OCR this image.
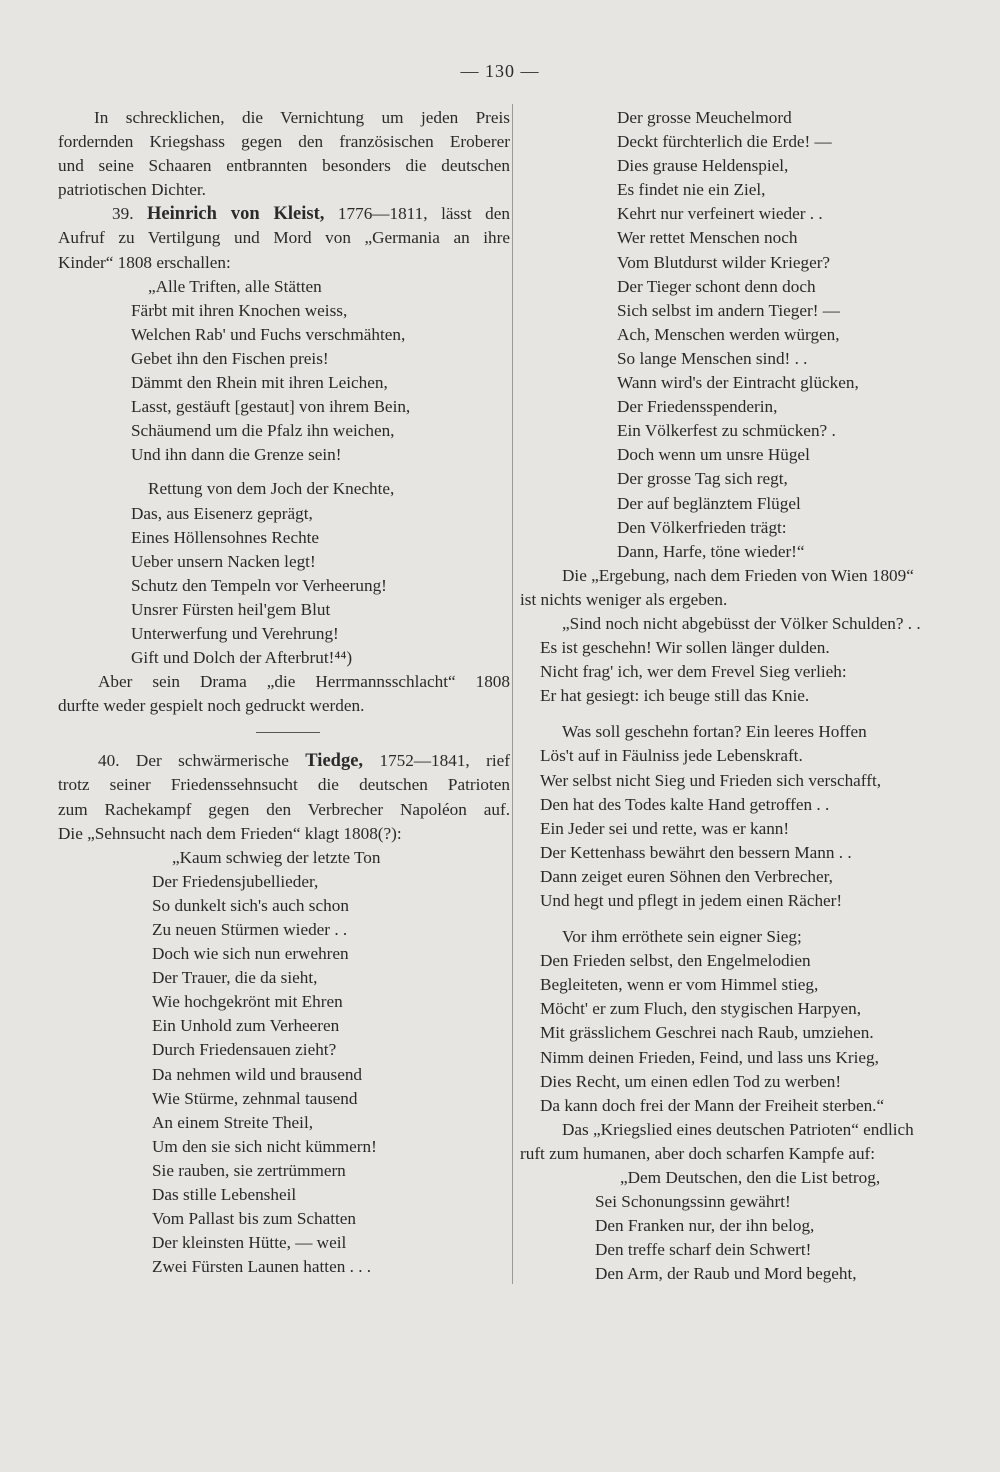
— 130 —
In schrecklichen, die Vernichtung um jeden Preis
fordernden Kriegshass gegen den französischen Eroberer
und seine Schaaren entbrannten besonders die deutschen
patriotischen Dichter.
39. Heinrich von Kleist, 1776—1811, lässt den
Aufruf zu Vertilgung und Mord von „Germania an ihre
Kinder“ 1808 erschallen:
„Alle Triften, alle Stätten
Färbt mit ihren Knochen weiss,
Welchen Rab' und Fuchs verschmähten,
Gebet ihn den Fischen preis!
Dämmt den Rhein mit ihren Leichen,
Lasst, gestäuft [gestaut] von ihrem Bein,
Schäumend um die Pfalz ihn weichen,
Und ihn dann die Grenze sein!
Rettung von dem Joch der Knechte,
Das, aus Eisenerz geprägt,
Eines Höllensohnes Rechte
Ueber unsern Nacken legt!
Schutz den Tempeln vor Verheerung!
Unsrer Fürsten heil'gem Blut
Unterwerfung und Verehrung!
Gift und Dolch der Afterbrut!⁴⁴)
Aber sein Drama „die Herrmannsschlacht“ 1808
durfte weder gespielt noch gedruckt werden.
40. Der schwärmerische Tiedge, 1752—1841, rief
trotz seiner Friedenssehnsucht die deutschen Patrioten
zum Rachekampf gegen den Verbrecher Napoléon auf.
Die „Sehnsucht nach dem Frieden“ klagt 1808(?):
„Kaum schwieg der letzte Ton
Der Friedensjubellieder,
So dunkelt sich's auch schon
Zu neuen Stürmen wieder . .
Doch wie sich nun erwehren
Der Trauer, die da sieht,
Wie hochgekrönt mit Ehren
Ein Unhold zum Verheeren
Durch Friedensauen zieht?
Da nehmen wild und brausend
Wie Stürme, zehnmal tausend
An einem Streite Theil,
Um den sie sich nicht kümmern!
Sie rauben, sie zertrümmern
Das stille Lebensheil
Vom Pallast bis zum Schatten
Der kleinsten Hütte, — weil
Zwei Fürsten Launen hatten . . .
Der grosse Meuchelmord
Deckt fürchterlich die Erde! —
Dies grause Heldenspiel,
Es findet nie ein Ziel,
Kehrt nur verfeinert wieder . .
Wer rettet Menschen noch
Vom Blutdurst wilder Krieger?
Der Tieger schont denn doch
Sich selbst im andern Tieger! —
Ach, Menschen werden würgen,
So lange Menschen sind! . .
Wann wird's der Eintracht glücken,
Der Friedensspenderin,
Ein Völkerfest zu schmücken? .
Doch wenn um unsre Hügel
Der grosse Tag sich regt,
Der auf beglänztem Flügel
Den Völkerfrieden trägt:
Dann, Harfe, töne wieder!“
Die „Ergebung, nach dem Frieden von Wien 1809“
ist nichts weniger als ergeben.
„Sind noch nicht abgebüsst der Völker Schulden? . .
Es ist geschehn! Wir sollen länger dulden.
Nicht frag' ich, wer dem Frevel Sieg verlieh:
Er hat gesiegt: ich beuge still das Knie.
Was soll geschehn fortan? Ein leeres Hoffen
Lös't auf in Fäulniss jede Lebenskraft.
Wer selbst nicht Sieg und Frieden sich verschafft,
Den hat des Todes kalte Hand getroffen . .
Ein Jeder sei und rette, was er kann!
Der Kettenhass bewährt den bessern Mann . .
Dann zeiget euren Söhnen den Verbrecher,
Und hegt und pflegt in jedem einen Rächer!
Vor ihm erröthete sein eigner Sieg;
Den Frieden selbst, den Engelmelodien
Begleiteten, wenn er vom Himmel stieg,
Möcht' er zum Fluch, den stygischen Harpyen,
Mit grässlichem Geschrei nach Raub, umziehen.
Nimm deinen Frieden, Feind, und lass uns Krieg,
Dies Recht, um einen edlen Tod zu werben!
Da kann doch frei der Mann der Freiheit sterben.“
Das „Kriegslied eines deutschen Patrioten“ endlich
ruft zum humanen, aber doch scharfen Kampfe auf:
„Dem Deutschen, den die List betrog,
Sei Schonungssinn gewährt!
Den Franken nur, der ihn belog,
Den treffe scharf dein Schwert!
Den Arm, der Raub und Mord begeht,
